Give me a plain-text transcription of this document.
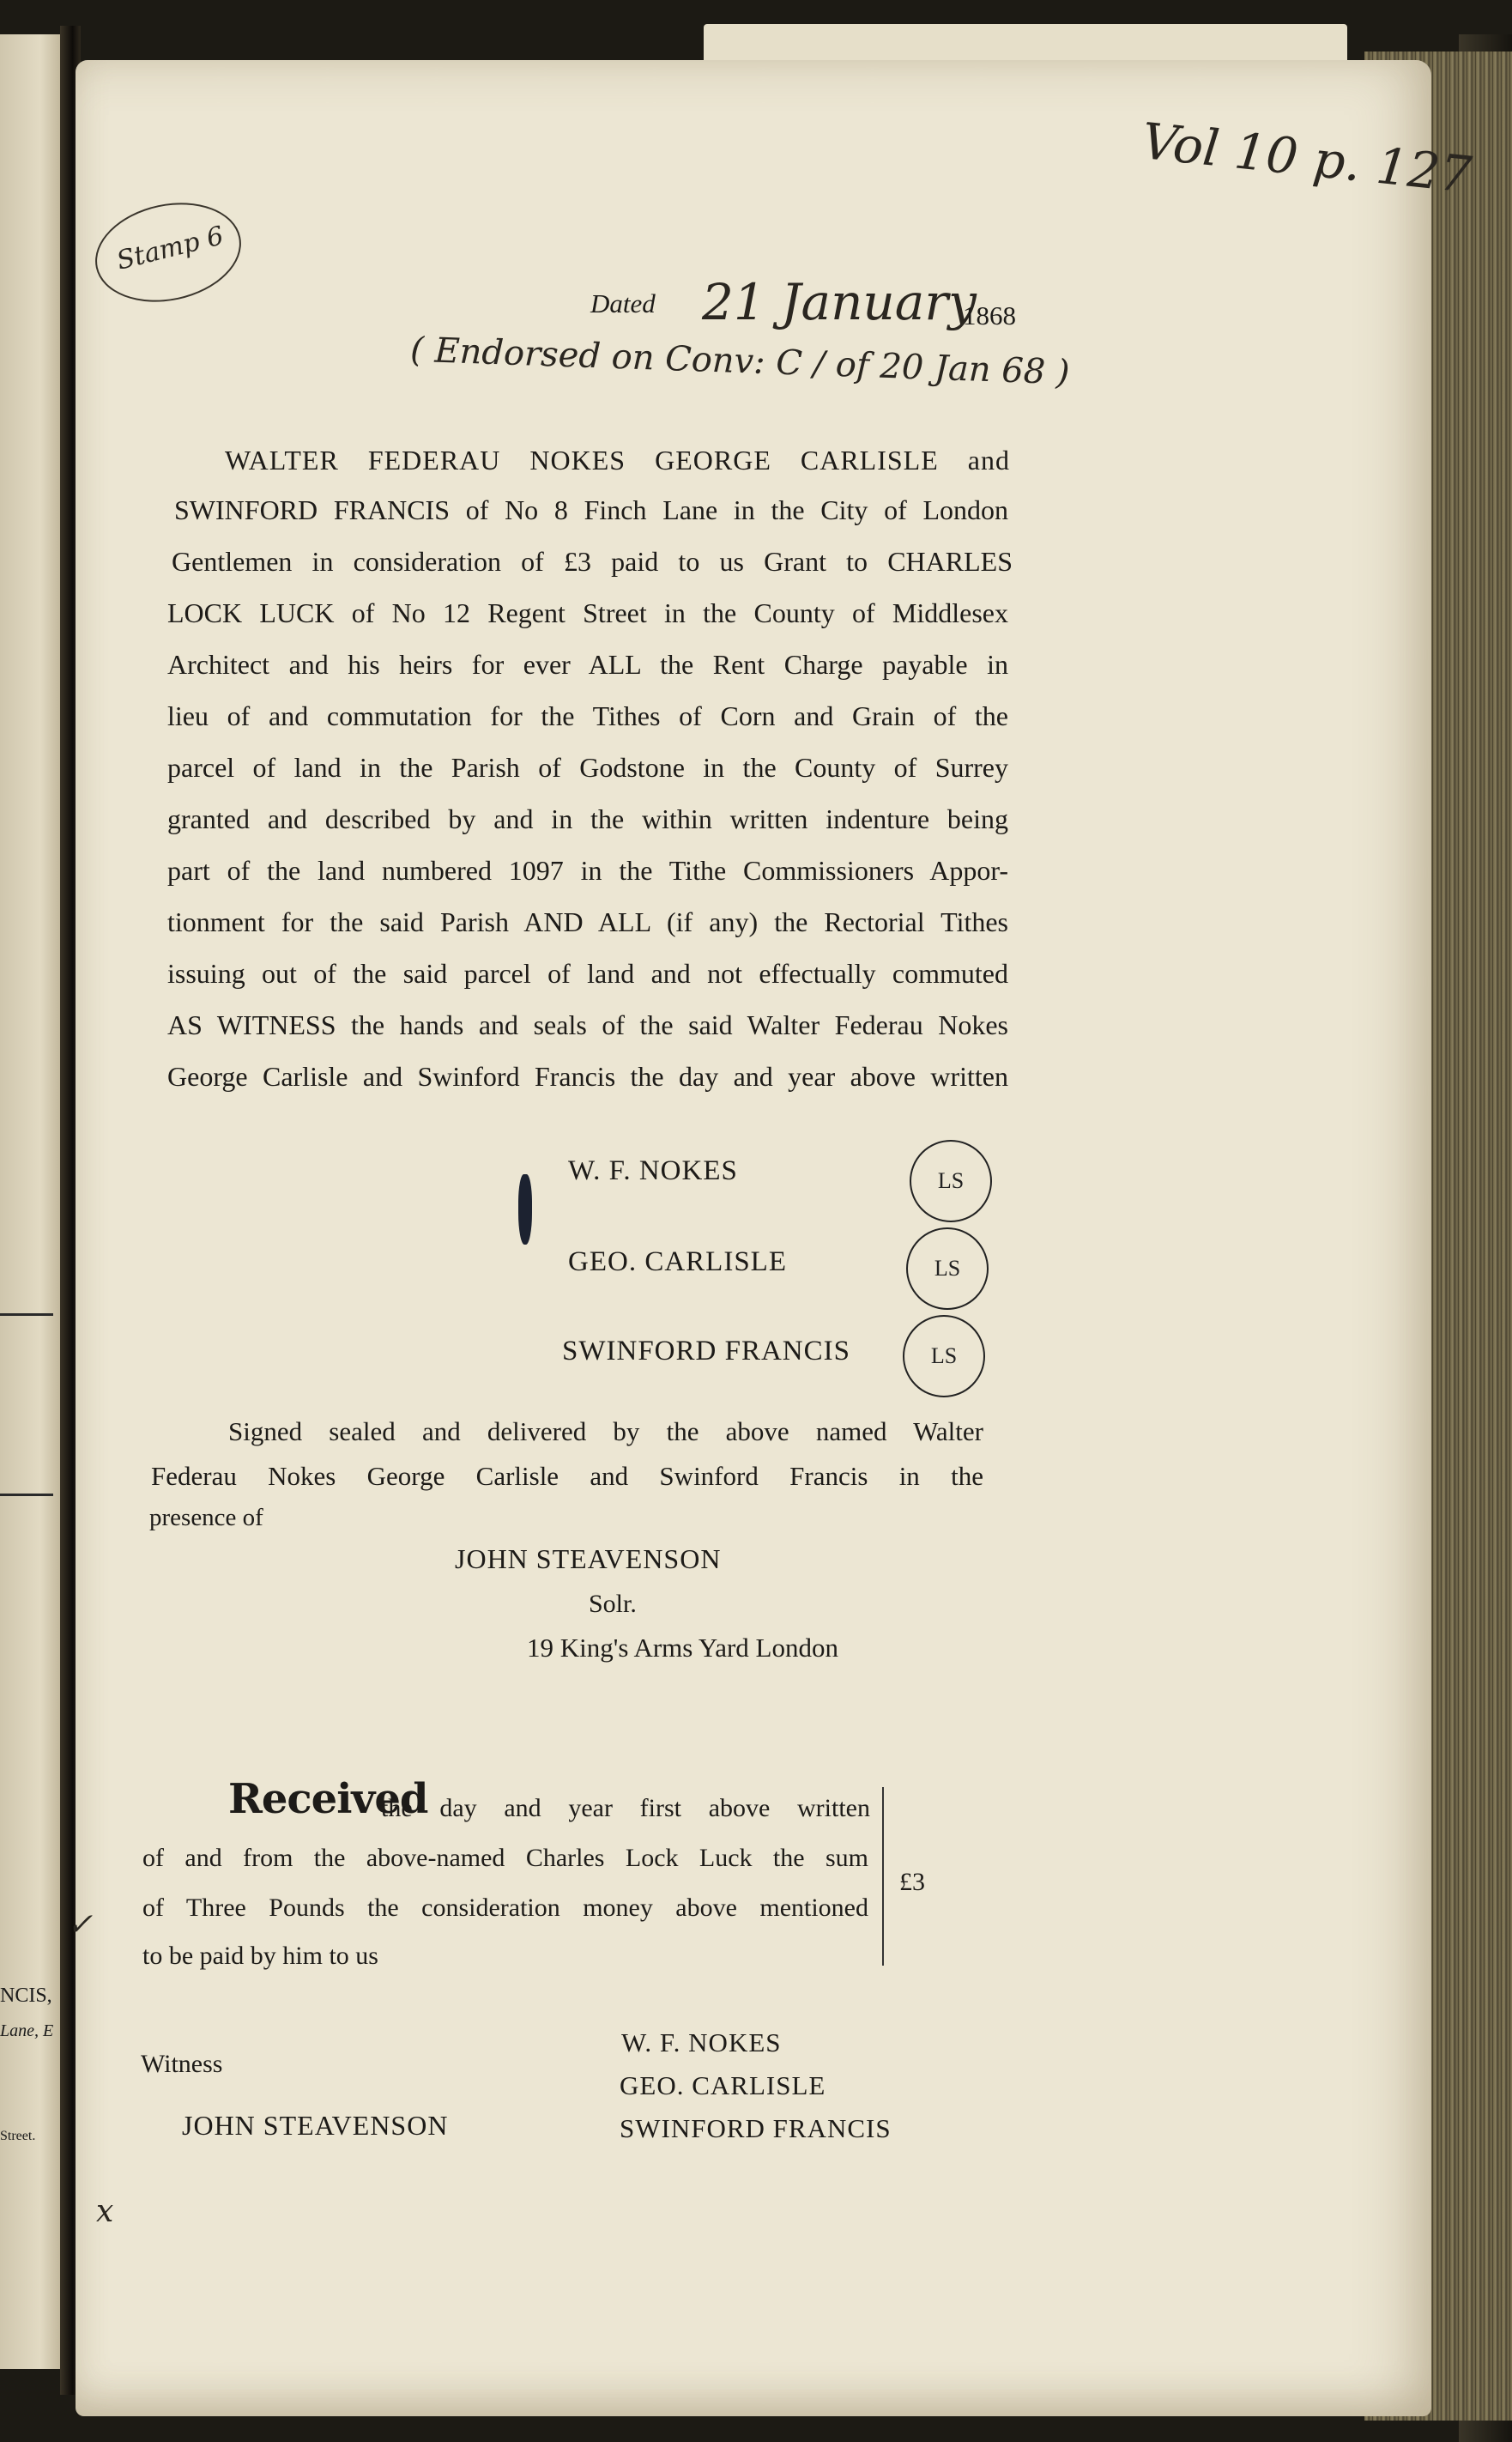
NCIS,
Lane, E
Street.
Vol 10 p. 127
Stamp 6
Dated 21 January
1868
( Endorsed on Conv: C / of 20 Jan 68 )
WALTER FEDERAU NOKES GEORGE CARLISLE and
SWINFORD FRANCIS of No 8 Finch Lane in the City of London
Gentlemen in consideration of £3 paid to us Grant to CHARLES
LOCK LUCK of No 12 Regent Street in the County of Middlesex
Architect and his heirs for ever ALL the Rent Charge payable in
lieu of and commutation for the Tithes of Corn and Grain of the
parcel of land in the Parish of Godstone in the County of Surrey
granted and described by and in the within written indenture being
part of the land numbered 1097 in the Tithe Commissioners Appor-
tionment for the said Parish AND ALL (if any) the Rectorial Tithes
issuing out of the said parcel of land and not effectually commuted
AS WITNESS the hands and seals of the said Walter Federau Nokes
George Carlisle and Swinford Francis the day and year above written
W. F. NOKES	LS
GEO. CARLISLE	LS
SWINFORD FRANCIS	LS
Signed sealed and delivered by the above named Walter
Federau Nokes George Carlisle and Swinford Francis in the
presence of
JOHN STEAVENSON
Solr.
19 King's Arms Yard London
Received
the day and year first above written
of and from the above-named Charles Lock Luck the sum
of Three Pounds the consideration money above mentioned
to be paid by him to us
£3
✓
Witness
JOHN STEAVENSON
W. F. NOKES
GEO. CARLISLE
SWINFORD FRANCIS
ⅹ
